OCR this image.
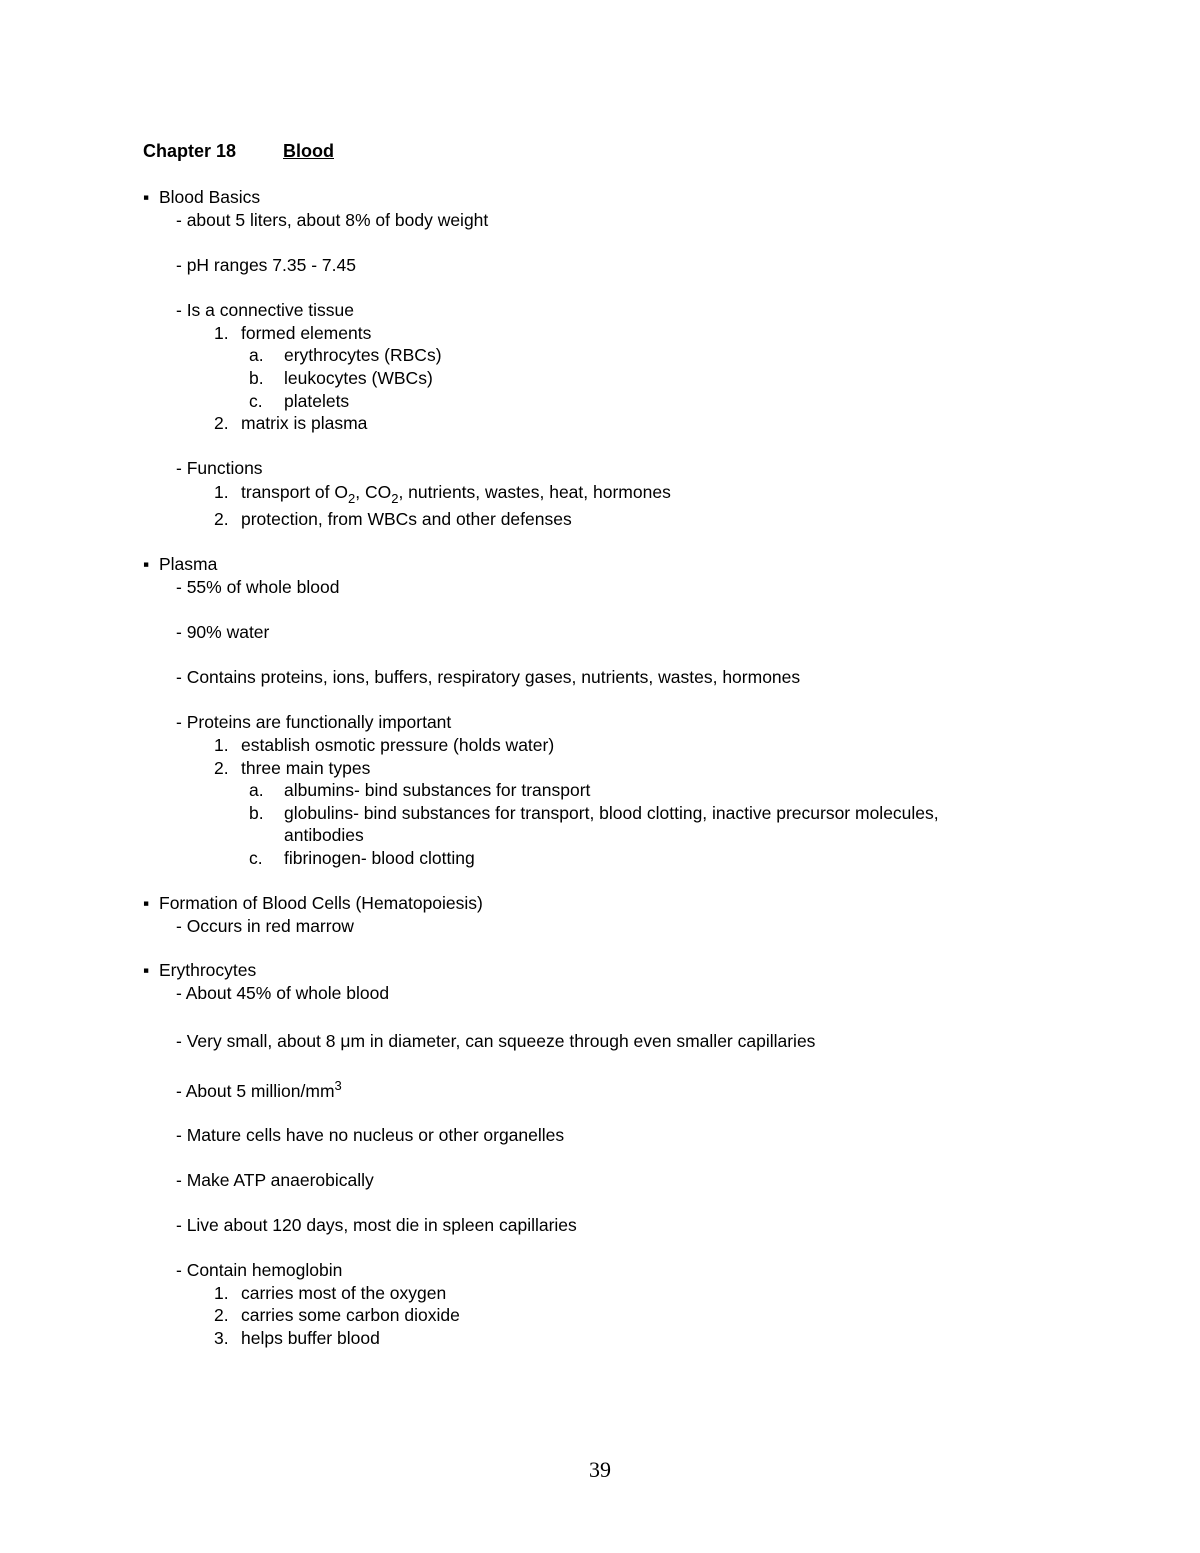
Chapter 18	Blood
▪ Blood Basics
- about 5 liters, about 8% of body weight
- pH ranges 7.35 - 7.45
- Is a connective tissue
1. formed elements
a. erythrocytes (RBCs)
b. leukocytes (WBCs)
c. platelets
2. matrix is plasma
- Functions
1. transport of $O_2$, $CO_2$, nutrients, wastes, heat, hormones
2. protection, from WBCs and other defenses
▪ Plasma
- 55% of whole blood
- 90% water
- Contains proteins, ions, buffers, respiratory gases, nutrients, wastes, hormones
- Proteins are functionally important
1. establish osmotic pressure (holds water)
2. three main types
a. albumins- bind substances for transport
b. globulins- bind substances for transport, blood clotting, inactive precursor molecules,
antibodies
c. fibrinogen- blood clotting
▪ Formation of Blood Cells (Hematopoiesis)
- Occurs in red marrow
▪ Erythrocytes
- About 45% of whole blood
- Very small, about 8 μm in diameter, can squeeze through even smaller capillaries
- About 5 million/$mm^3$
- Mature cells have no nucleus or other organelles
- Make ATP anaerobically
- Live about 120 days, most die in spleen capillaries
- Contain hemoglobin
1. carries most of the oxygen
2. carries some carbon dioxide
3. helps buffer blood
39
